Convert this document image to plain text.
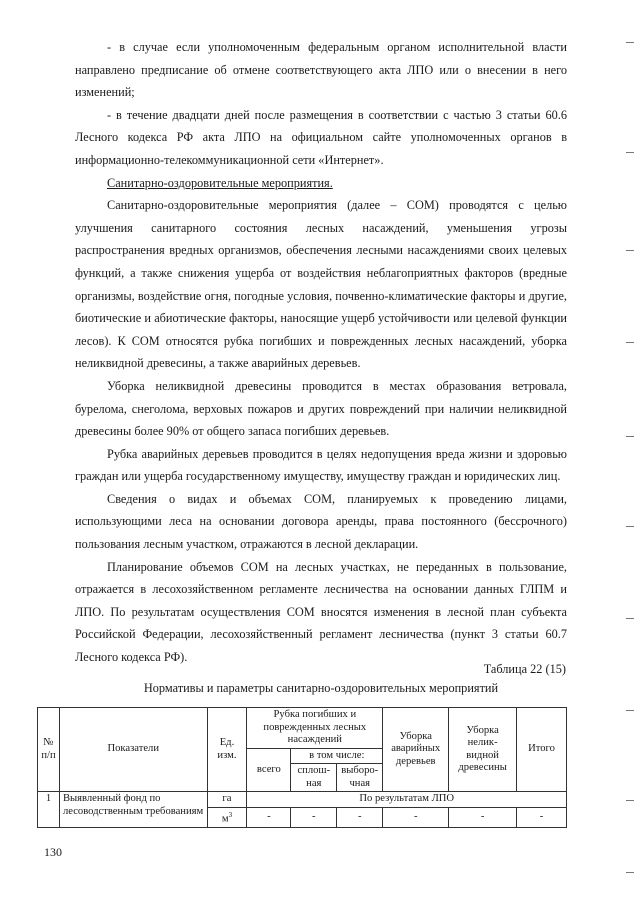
- в случае если уполномоченным федеральным органом исполнительной власти направлено предписание об отмене соответствующего акта ЛПО или о внесении в него изменений;

- в течение двадцати дней после размещения в соответствии с частью 3 статьи 60.6 Лесного кодекса РФ акта ЛПО на официальном сайте уполномоченных органов в информационно-телекоммуникационной сети «Интернет».

Санитарно-оздоровительные мероприятия.

Санитарно-оздоровительные мероприятия (далее – СОМ) проводятся с целью улучшения санитарного состояния лесных насаждений, уменьшения угрозы распространения вредных организмов, обеспечения лесными насаждениями своих целевых функций, а также снижения ущерба от воздействия неблагоприятных факторов (вредные организмы, воздействие огня, погодные условия, почвенно-климатические факторы и другие, биотические и абиотические факторы, наносящие ущерб устойчивости или целевой функции лесов). К СОМ относятся рубка погибших и поврежденных лесных насаждений, уборка неликвидной древесины, а также аварийных деревьев.

Уборка неликвидной древесины проводится в местах образования ветровала, бурелома, снеголома, верховых пожаров и других повреждений при наличии неликвидной древесины более 90% от общего запаса погибших деревьев.

Рубка аварийных деревьев проводится в целях недопущения вреда жизни и здоровью граждан или ущерба государственному имуществу, имуществу граждан и юридических лиц.

Сведения о видах и объемах СОМ, планируемых к проведению лицами, использующими леса на основании договора аренды, права постоянного (бессрочного) пользования лесным участком, отражаются в лесной декларации.

Планирование объемов СОМ на лесных участках, не переданных в пользование, отражается в лесохозяйственном регламенте лесничества на основании данных ГЛПМ и ЛПО. По результатам осуществления СОМ вносятся изменения в лесной план субъекта Российской Федерации, лесохозяйственный регламент лесничества (пункт 3 статьи 60.7 Лесного кодекса РФ).

Таблица 22 (15)
Нормативы и параметры санитарно-оздоровительных мероприятий
№ п/п	Показатели	Ед. изм.	Рубка погибших и поврежденных лесных насаждений			Уборка аварийных деревьев	Уборка нелик-видной древесины	Итого
			всего	в том числе:				
				сплош-ная	выборо-чная			
1	Выявленный фонд по лесоводственным требованиям	га	По результатам ЛПО					
		$м^3$	-	-	-	-	-	-
130
